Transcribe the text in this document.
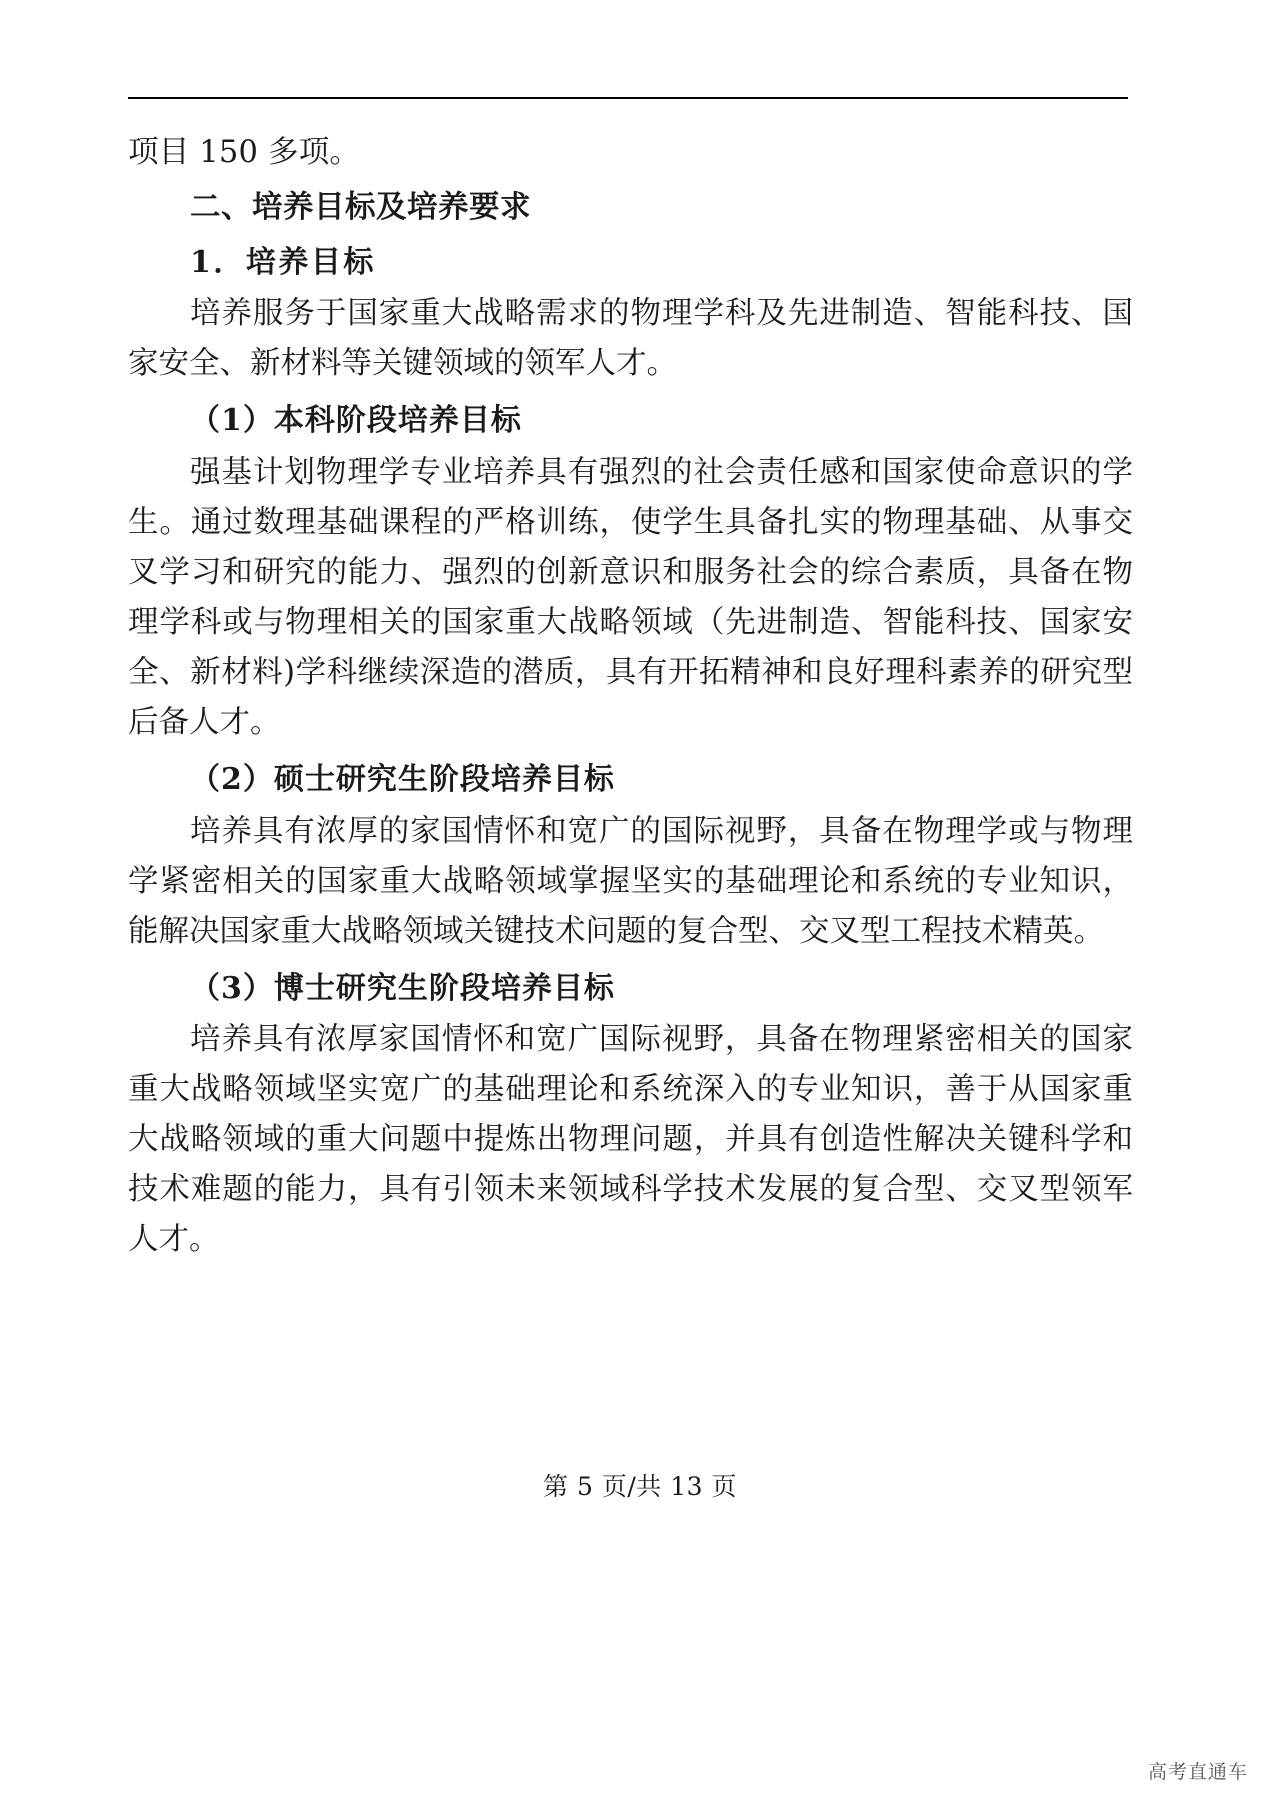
项目 150 多项。

二、培养目标及培养要求

1．培养目标

培养服务于国家重大战略需求的物理学科及先进制造、智能科技、国家安全、新材料等关键领域的领军人才。

（1）本科阶段培养目标

强基计划物理学专业培养具有强烈的社会责任感和国家使命意识的学生。通过数理基础课程的严格训练，使学生具备扎实的物理基础、从事交叉学习和研究的能力、强烈的创新意识和服务社会的综合素质，具备在物理学科或与物理相关的国家重大战略领域（先进制造、智能科技、国家安全、新材料)学科继续深造的潜质，具有开拓精神和良好理科素养的研究型后备人才。

（2）硕士研究生阶段培养目标

培养具有浓厚的家国情怀和宽广的国际视野，具备在物理学或与物理学紧密相关的国家重大战略领域掌握坚实的基础理论和系统的专业知识，能解决国家重大战略领域关键技术问题的复合型、交叉型工程技术精英。

（3）博士研究生阶段培养目标

培养具有浓厚家国情怀和宽广国际视野，具备在物理紧密相关的国家重大战略领域坚实宽广的基础理论和系统深入的专业知识，善于从国家重大战略领域的重大问题中提炼出物理问题，并具有创造性解决关键科学和技术难题的能力，具有引领未来领域科学技术发展的复合型、交叉型领军人才。

第 5 页/共 13 页
高考直通车
